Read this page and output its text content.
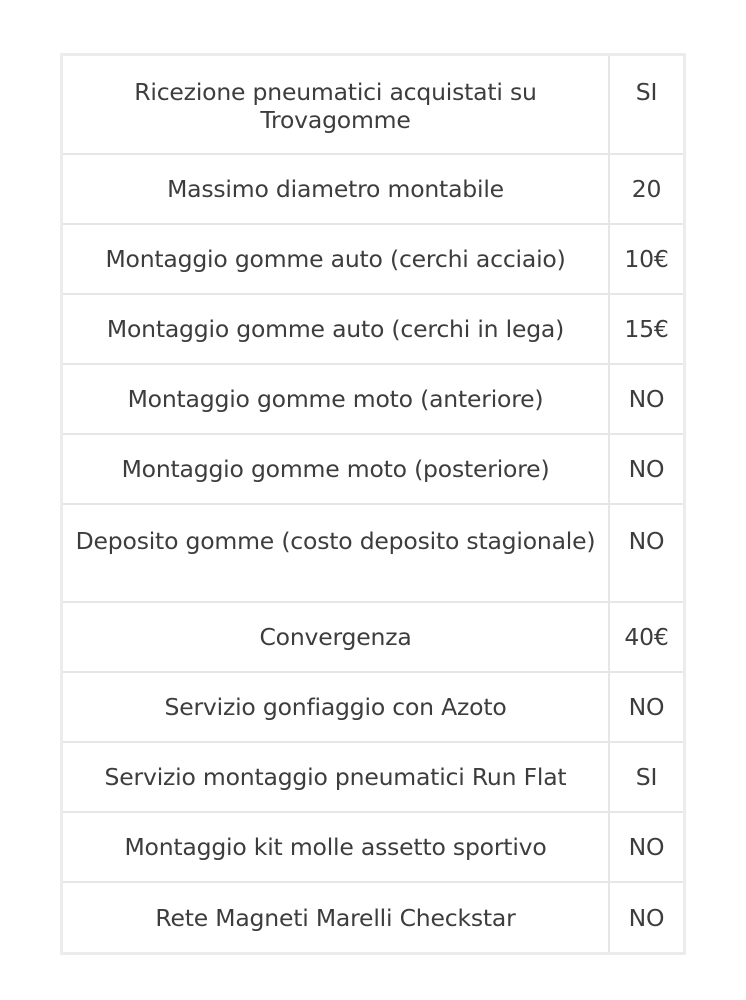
Ricezione pneumatici acquistati su Trovagomme	SI
Massimo diametro montabile	20
Montaggio gomme auto (cerchi acciaio)	10€
Montaggio gomme auto (cerchi in lega)	15€
Montaggio gomme moto (anteriore)	NO
Montaggio gomme moto (posteriore)	NO
Deposito gomme (costo deposito stagionale)	NO
Convergenza	40€
Servizio gonfiaggio con Azoto	NO
Servizio montaggio pneumatici Run Flat	SI
Montaggio kit molle assetto sportivo	NO
Rete Magneti Marelli Checkstar	NO
